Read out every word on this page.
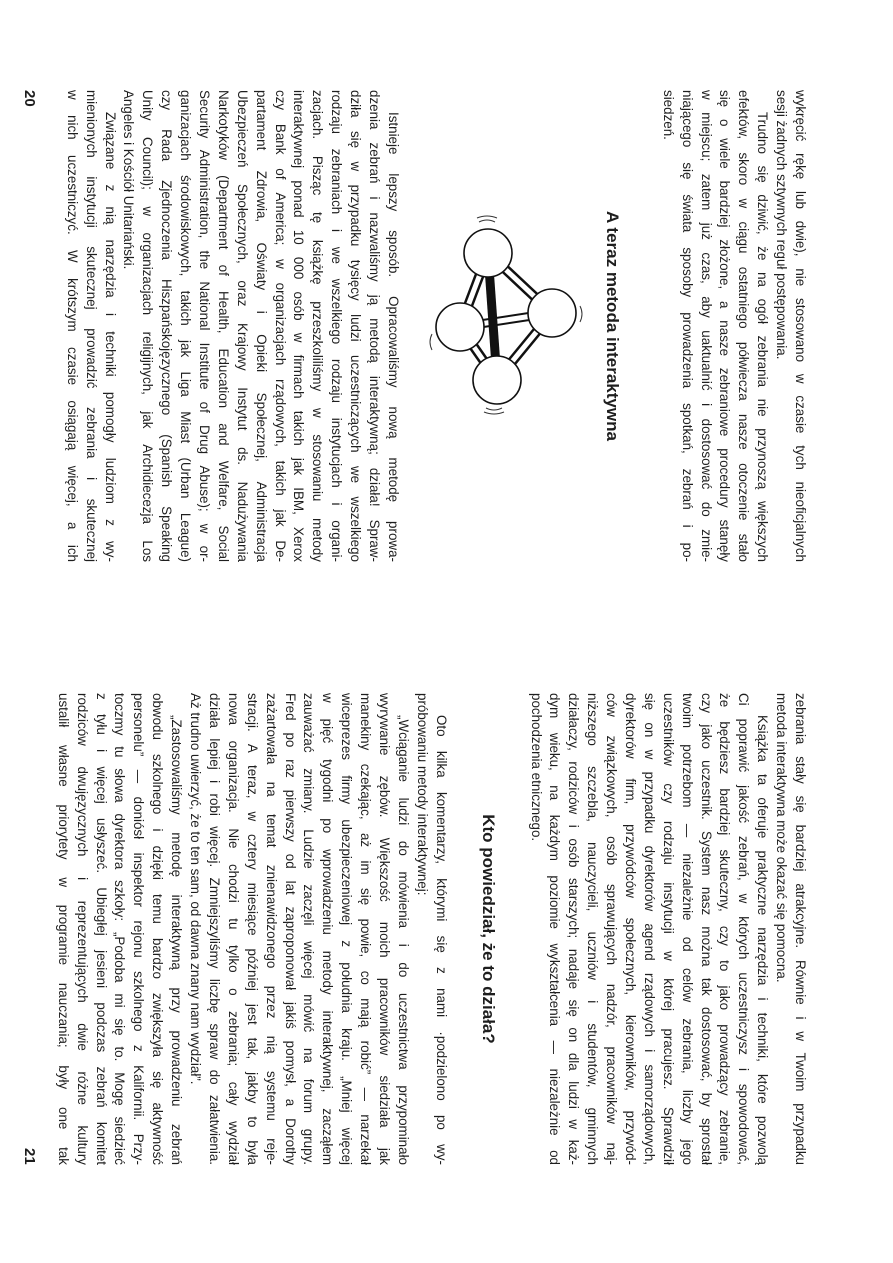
wykręcić rękę lub dwie), nie stosowano w czasie tych nieoficjalnych
sesji żadnych sztywnych reguł postępowania.
Trudno się dziwić, że na ogół zebrania nie przynoszą większych
efektów, skoro w ciągu ostatniego półwiecza nasze otoczenie stało
się o wiele bardziej złożone, a nasze zebraniowe procedury stanęły
w miejscu; zatem już czas, aby uaktualnić i dostosować do zmie-
niającego się świata sposoby prowadzenia spotkań, zebrań i po-
siedzeń.
A teraz metoda interaktywna
Istnieje lepszy sposób. Opracowaliśmy nową metodę prowa-
dzenia zebrań i nazwaliśmy ją metodą interaktywną; działa! Spraw-
dziła się w przypadku tysięcy ludzi uczestniczących we wszelkiego
rodzaju zebraniach i we wszelkiego rodzaju instytucjach i organi-
zacjach. Pisząc tę książkę przeszkoliliśmy w stosowaniu metody
interaktywnej ponad 10 000 osób w firmach takich jak IBM, Xerox
czy Bank of America; w organizacjach rządowych, takich jak De-
partament Zdrowia, Oświaty i Opieki Społecznej, Administracja
Ubezpieczeń Społecznych, oraz Krajowy Instytut ds. Nadużywania
Narkotyków (Department of Health, Education and Welfare, Social
Security Administration, the National Institute of Drug Abuse); w or-
ganizacjach środowiskowych, takich jak Liga Miast (Urban League)
czy Rada Zjednoczenia Hiszpańskojęzycznego (Spanish Speaking
Unity Council); w organizacjach religijnych, jak Archidiecezja Los
Angeles i Kościół Unitariański.
Związane z nią narzędzia i techniki pomogły ludziom z wy-
mienionych instytucji skutecznej prowadzić zebrania i skutecznej
w nich uczestniczyć. W krótszym czasie osiągają więcej, a ich
20
zebrania stały się bardziej atrakcyjne. Równie i w Twoim przypadku
metoda interaktywna może okazać się pomocna.
Książka ta oferuje praktyczne narzędzia i techniki, które pozwolą
Ci poprawić jakość zebrań, w których uczestniczysz i spowodować,
że będziesz bardziej skuteczny, czy to jako prowadzący zebranie,
czy jako uczestnik. System nasz można tak dostosować, by sprostał
twoim potrzebom — niezależnie od celów zebrania, liczby jego
uczestników czy rodzaju instytucji w której pracujesz. Sprawdził
się on w przypadku dyrektorów agend rządowych i samorządowych,
dyrektorów firm, przywódców społecznych, kierowników, przywód-
ców związkowych, osób sprawujących nadzór, pracowników naj-
niższego szczebla, nauczycieli, uczniów i studentów, gminnych
działaczy, rodziców i osób starszych; nadaje się on dla ludzi w każ-
dym wieku, na każdym poziomie wykształcenia — niezależnie od
pochodzenia etnicznego.
Kto powiedział, że to działa?
Oto kilka komentarzy, którymi się z nami ·podzielono po wy-
próbowaniu metody interaktywnej:
„Wciąganie ludzi do mówienia i do uczestnictwa przypominało
wyrywanie zębów. Większość moich pracowników siedziała jak
manekiny czekając, aż im się powie, co mają robić” — narzekał
wiceprezes firmy ubezpieczeniowej z południa kraju. „Mniej więcej
w pięć tygodni po wprowadzeniu metody interaktywnej, zacząłem
zauważać zmiany. Ludzie zaczęli więcej mówić na forum grupy.
Fred po raz pierwszy od lat zaproponował jakiś pomysł, a Dorothy
zażartowała na temat znienawidzonego przez nią systemu reje-
stracji. A teraz, w cztery miesiące później jest tak, jakby to była
nowa organizacja. Nie chodzi tu tylko o zebrania; cały wydział
działa lepiej i robi więcej. Zmniejszyliśmy liczbę spraw do załatwienia.
Aż trudno uwierzyć, że to ten sam, od dawna znany nam wydział”.
„Zastosowaliśmy metodę interaktywną przy prowadzeniu zebrań
obwodu szkolnego i dzięki temu bardzo zwiększyła się aktywność
personelu” — doniósł inspektor rejonu szkolnego z Kalifornii. Przy-
toczmy tu słowa dyrektora szkoły: „Podoba mi się to. Mogę siedzieć
z tyłu i więcej usłyszeć. Ubiegłej jesieni podczas zebrań komitet
rodziców dwujęzycznych i reprezentujących dwie różne kultury
ustalił własne priorytety w programie nauczania; były one tak
21
